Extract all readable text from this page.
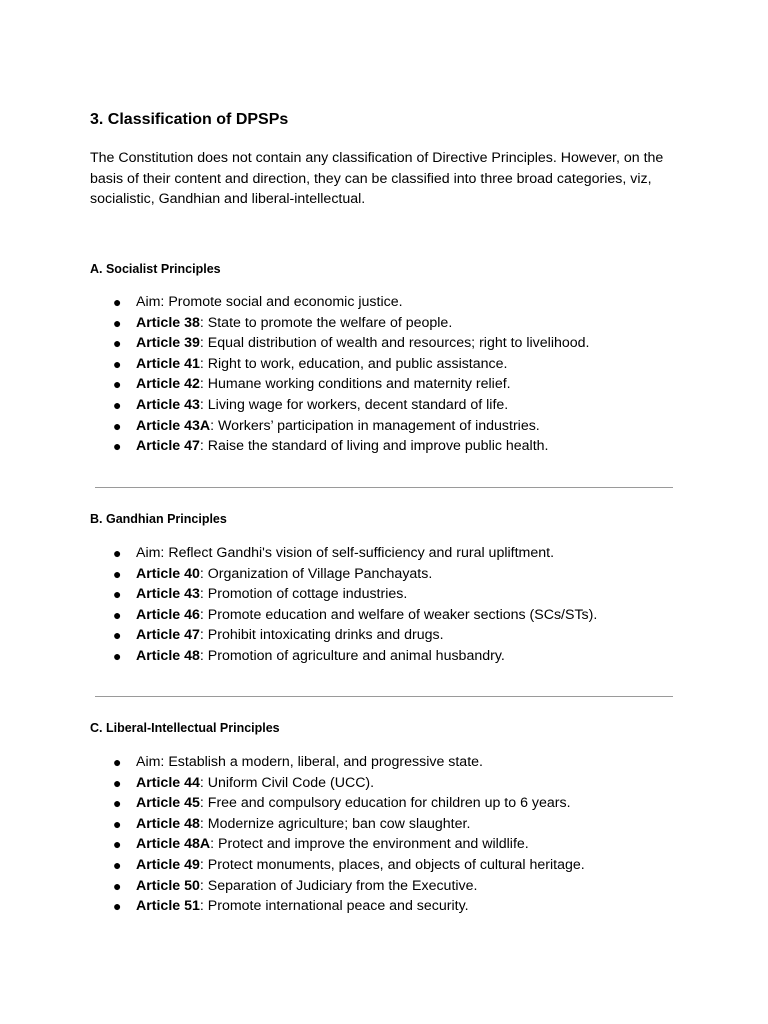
3. Classification of DPSPs

The Constitution does not contain any classification of Directive Principles. However, on the basis of their content and direction, they can be classified into three broad categories, viz, socialistic, Gandhian and liberal-intellectual.

A. Socialist Principles
● Aim: Promote social and economic justice.
● Article 38: State to promote the welfare of people.
● Article 39: Equal distribution of wealth and resources; right to livelihood.
● Article 41: Right to work, education, and public assistance.
● Article 42: Humane working conditions and maternity relief.
● Article 43: Living wage for workers, decent standard of life.
● Article 43A: Workers’ participation in management of industries.
● Article 47: Raise the standard of living and improve public health.
B. Gandhian Principles
● Aim: Reflect Gandhi's vision of self-sufficiency and rural upliftment.
● Article 40: Organization of Village Panchayats.
● Article 43: Promotion of cottage industries.
● Article 46: Promote education and welfare of weaker sections (SCs/STs).
● Article 47: Prohibit intoxicating drinks and drugs.
● Article 48: Promotion of agriculture and animal husbandry.
C. Liberal-Intellectual Principles
● Aim: Establish a modern, liberal, and progressive state.
● Article 44: Uniform Civil Code (UCC).
● Article 45: Free and compulsory education for children up to 6 years.
● Article 48: Modernize agriculture; ban cow slaughter.
● Article 48A: Protect and improve the environment and wildlife.
● Article 49: Protect monuments, places, and objects of cultural heritage.
● Article 50: Separation of Judiciary from the Executive.
● Article 51: Promote international peace and security.
